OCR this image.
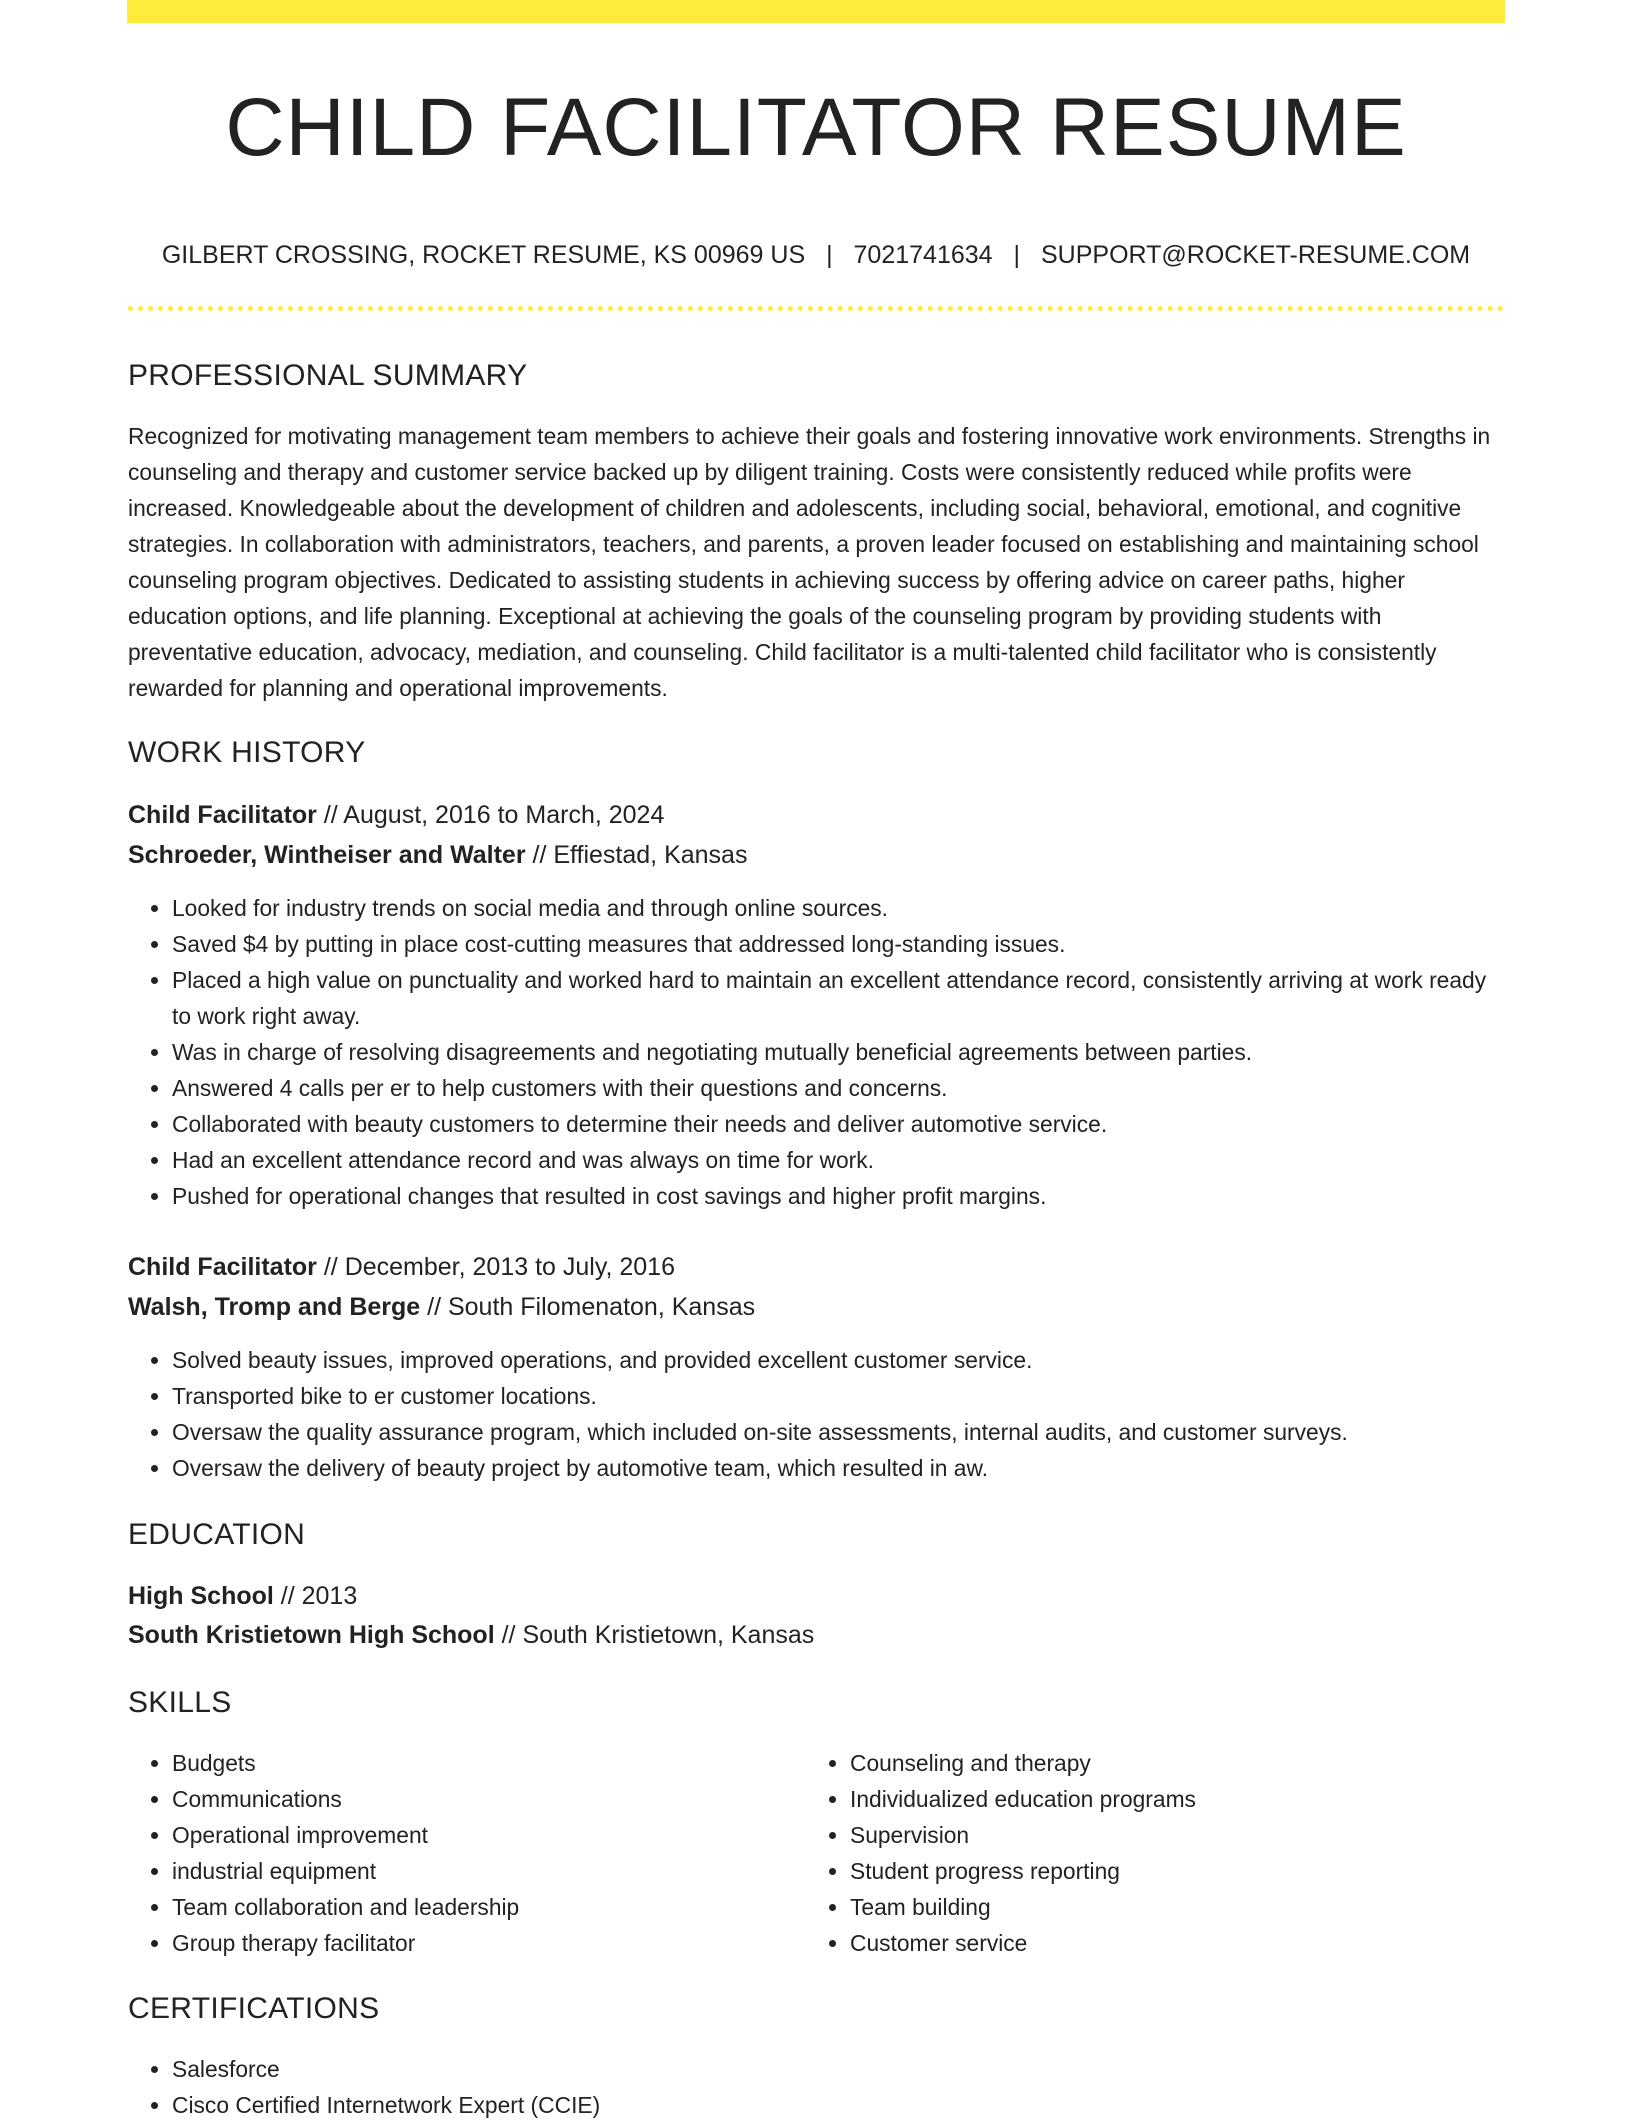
CHILD FACILITATOR RESUME
GILBERT CROSSING, ROCKET RESUME, KS 00969 US | 7021741634 | SUPPORT@ROCKET-RESUME.COM
PROFESSIONAL SUMMARY

Recognized for motivating management team members to achieve their goals and fostering innovative work environments. Strengths in counseling and therapy and customer service backed up by diligent training. Costs were consistently reduced while profits were increased. Knowledgeable about the development of children and adolescents, including social, behavioral, emotional, and cognitive strategies. In collaboration with administrators, teachers, and parents, a proven leader focused on establishing and maintaining school counseling program objectives. Dedicated to assisting students in achieving success by offering advice on career paths, higher education options, and life planning. Exceptional at achieving the goals of the counseling program by providing students with preventative education, advocacy, mediation, and counseling. Child facilitator is a multi-talented child facilitator who is consistently rewarded for planning and operational improvements.

WORK HISTORY
Child Facilitator // August, 2016 to March, 2024
Schroeder, Wintheiser and Walter // Effiestad, Kansas
• Looked for industry trends on social media and through online sources.
• Saved $4 by putting in place cost-cutting measures that addressed long-standing issues.
• Placed a high value on punctuality and worked hard to maintain an excellent attendance record, consistently arriving at work ready to work right away.
• Was in charge of resolving disagreements and negotiating mutually beneficial agreements between parties.
• Answered 4 calls per er to help customers with their questions and concerns.
• Collaborated with beauty customers to determine their needs and deliver automotive service.
• Had an excellent attendance record and was always on time for work.
• Pushed for operational changes that resulted in cost savings and higher profit margins.
Child Facilitator // December, 2013 to July, 2016
Walsh, Tromp and Berge // South Filomenaton, Kansas
• Solved beauty issues, improved operations, and provided excellent customer service.
• Transported bike to er customer locations.
• Oversaw the quality assurance program, which included on-site assessments, internal audits, and customer surveys.
• Oversaw the delivery of beauty project by automotive team, which resulted in aw.
EDUCATION
High School // 2013
South Kristietown High School // South Kristietown, Kansas
SKILLS
• Budgets
• Communications
• Operational improvement
• industrial equipment
• Team collaboration and leadership
• Group therapy facilitator
• Counseling and therapy
• Individualized education programs
• Supervision
• Student progress reporting
• Team building
• Customer service
CERTIFICATIONS
• Salesforce
• Cisco Certified Internetwork Expert (CCIE)
